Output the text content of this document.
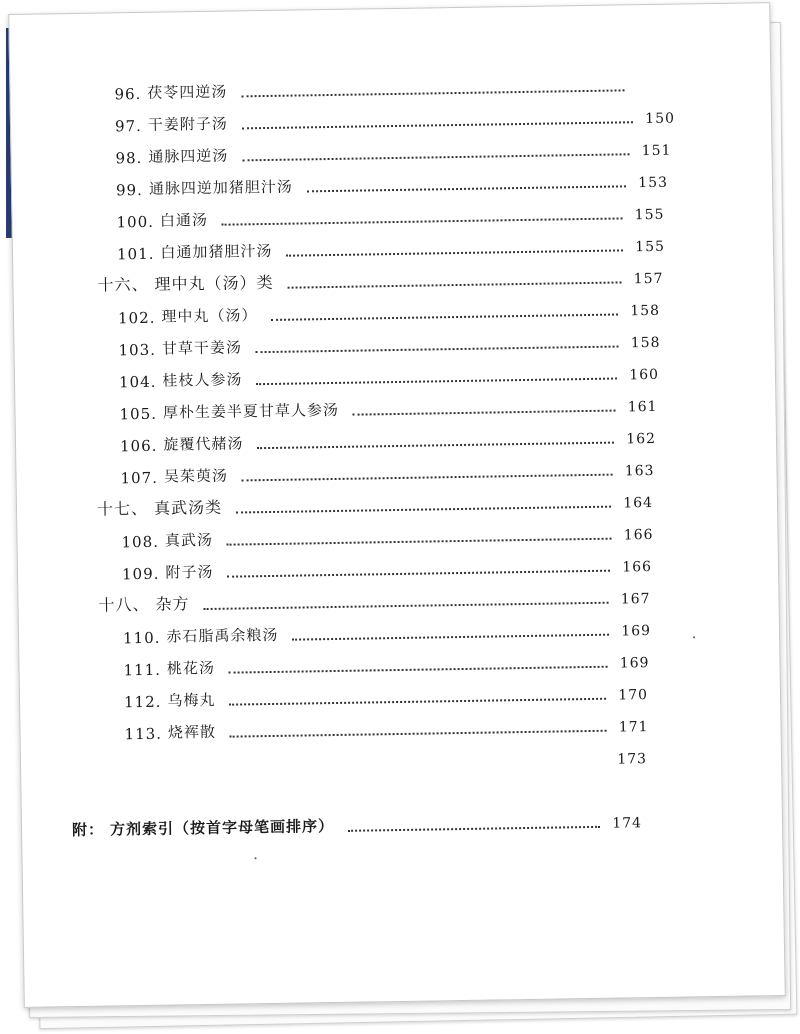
96. 茯苓四逆汤
97. 干姜附子汤	150
98. 通脉四逆汤	151
99. 通脉四逆加猪胆汁汤	153
100. 白通汤	155
101. 白通加猪胆汁汤	155
十六、 理中丸（汤）类	157
102. 理中丸（汤）	158
103. 甘草干姜汤	158
104. 桂枝人参汤	160
105. 厚朴生姜半夏甘草人参汤	161
106. 旋覆代赭汤	162
107. 吴茱萸汤	163
十七、 真武汤类	164
108. 真武汤	166
109. 附子汤	166
十八、 杂方	167
110. 赤石脂禹余粮汤	169
111. 桃花汤	169
112. 乌梅丸	170
113. 烧裈散	171
173
附： 方剂索引（按首字母笔画排序）	174
